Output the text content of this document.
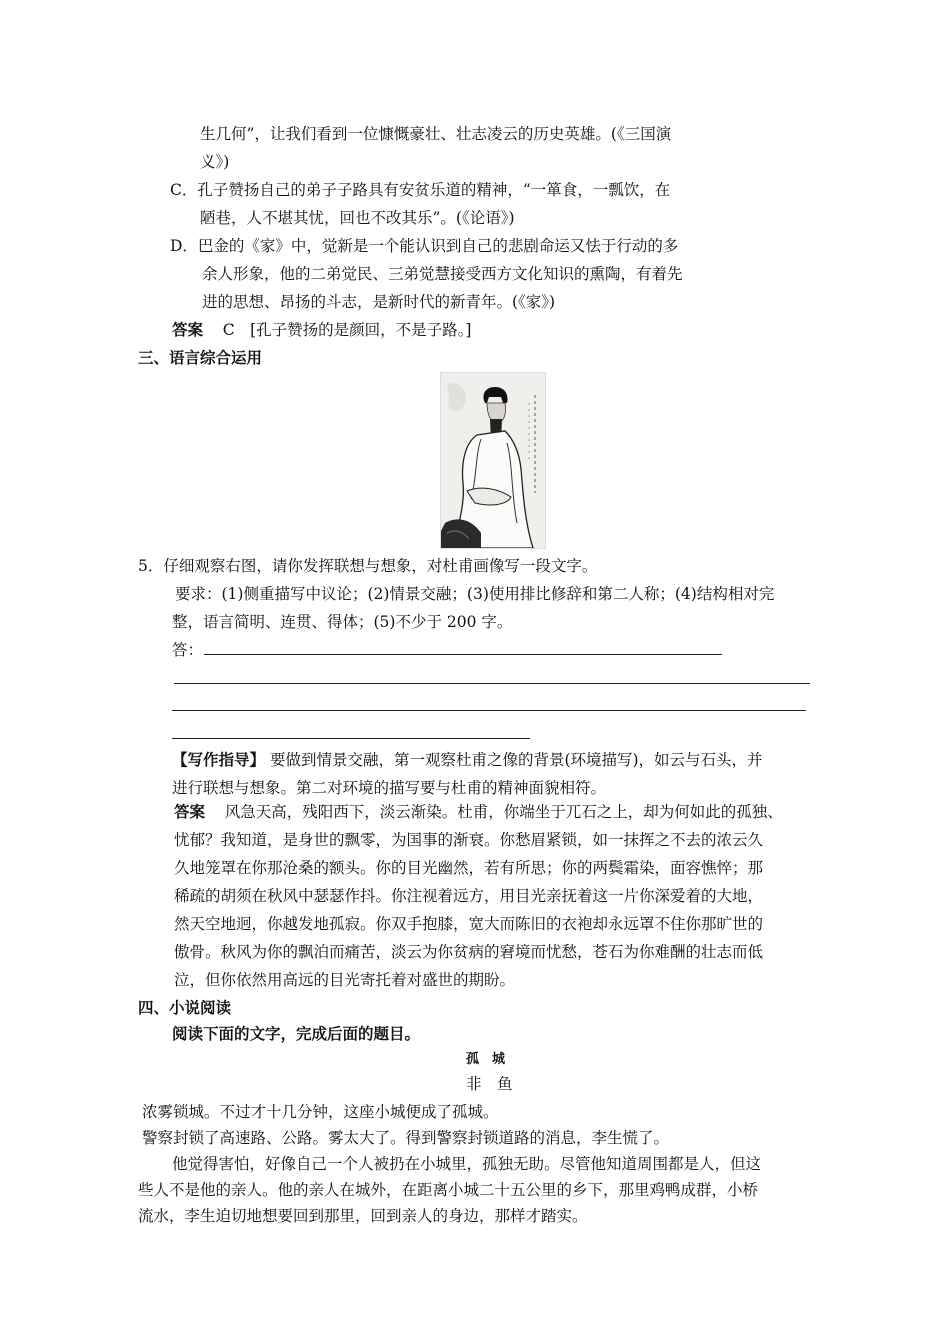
生几何”，让我们看到一位慷慨豪壮、壮志凌云的历史英雄。(《三国演
义》)
C．孔子赞扬自己的弟子子路具有安贫乐道的精神，“一箪食，一瓢饮，在
陋巷，人不堪其忧，回也不改其乐”。(《论语》)
D．巴金的《家》中，觉新是一个能认识到自己的悲剧命运又怯于行动的多
余人形象，他的二弟觉民、三弟觉慧接受西方文化知识的熏陶，有着先
进的思想、昂扬的斗志，是新时代的新青年。(《家》)
答案 C　[孔子赞扬的是颜回，不是子路。]
三、语言综合运用
5．仔细观察右图，请你发挥联想与想象，对杜甫画像写一段文字。
要求：(1)侧重描写中议论；(2)情景交融；(3)使用排比修辞和第二人称；(4)结构相对完
整，语言简明、连贯、得体；(5)不少于 200 字。
答：
【写作指导】 要做到情景交融，第一观察杜甫之像的背景(环境描写)，如云与石头，并
进行联想与想象。第二对环境的描写要与杜甫的精神面貌相符。
答案 风急天高，残阳西下，淡云渐染。杜甫，你端坐于兀石之上，却为何如此的孤独、
忧郁？我知道，是身世的飘零，为国事的渐衰。你愁眉紧锁，如一抹挥之不去的浓云久
久地笼罩在你那沧桑的额头。你的目光幽然，若有所思；你的两鬓霜染，面容憔悴；那
稀疏的胡须在秋风中瑟瑟作抖。你注视着远方，用目光亲抚着这一片你深爱着的大地，
然天空地迥，你越发地孤寂。你双手抱膝，宽大而陈旧的衣袍却永远罩不住你那旷世的
傲骨。秋风为你的飘泊而痛苦，淡云为你贫病的窘境而忧愁，苍石为你难酬的壮志而低
泣，但你依然用高远的目光寄托着对盛世的期盼。
四、小说阅读
阅读下面的文字，完成后面的题目。
孤　城
非　鱼
浓雾锁城。不过才十几分钟，这座小城便成了孤城。
警察封锁了高速路、公路。雾太大了。得到警察封锁道路的消息，李生慌了。
他觉得害怕，好像自己一个人被扔在小城里，孤独无助。尽管他知道周围都是人，但这
些人不是他的亲人。他的亲人在城外，在距离小城二十五公里的乡下，那里鸡鸭成群，小桥
流水，李生迫切地想要回到那里，回到亲人的身边，那样才踏实。
